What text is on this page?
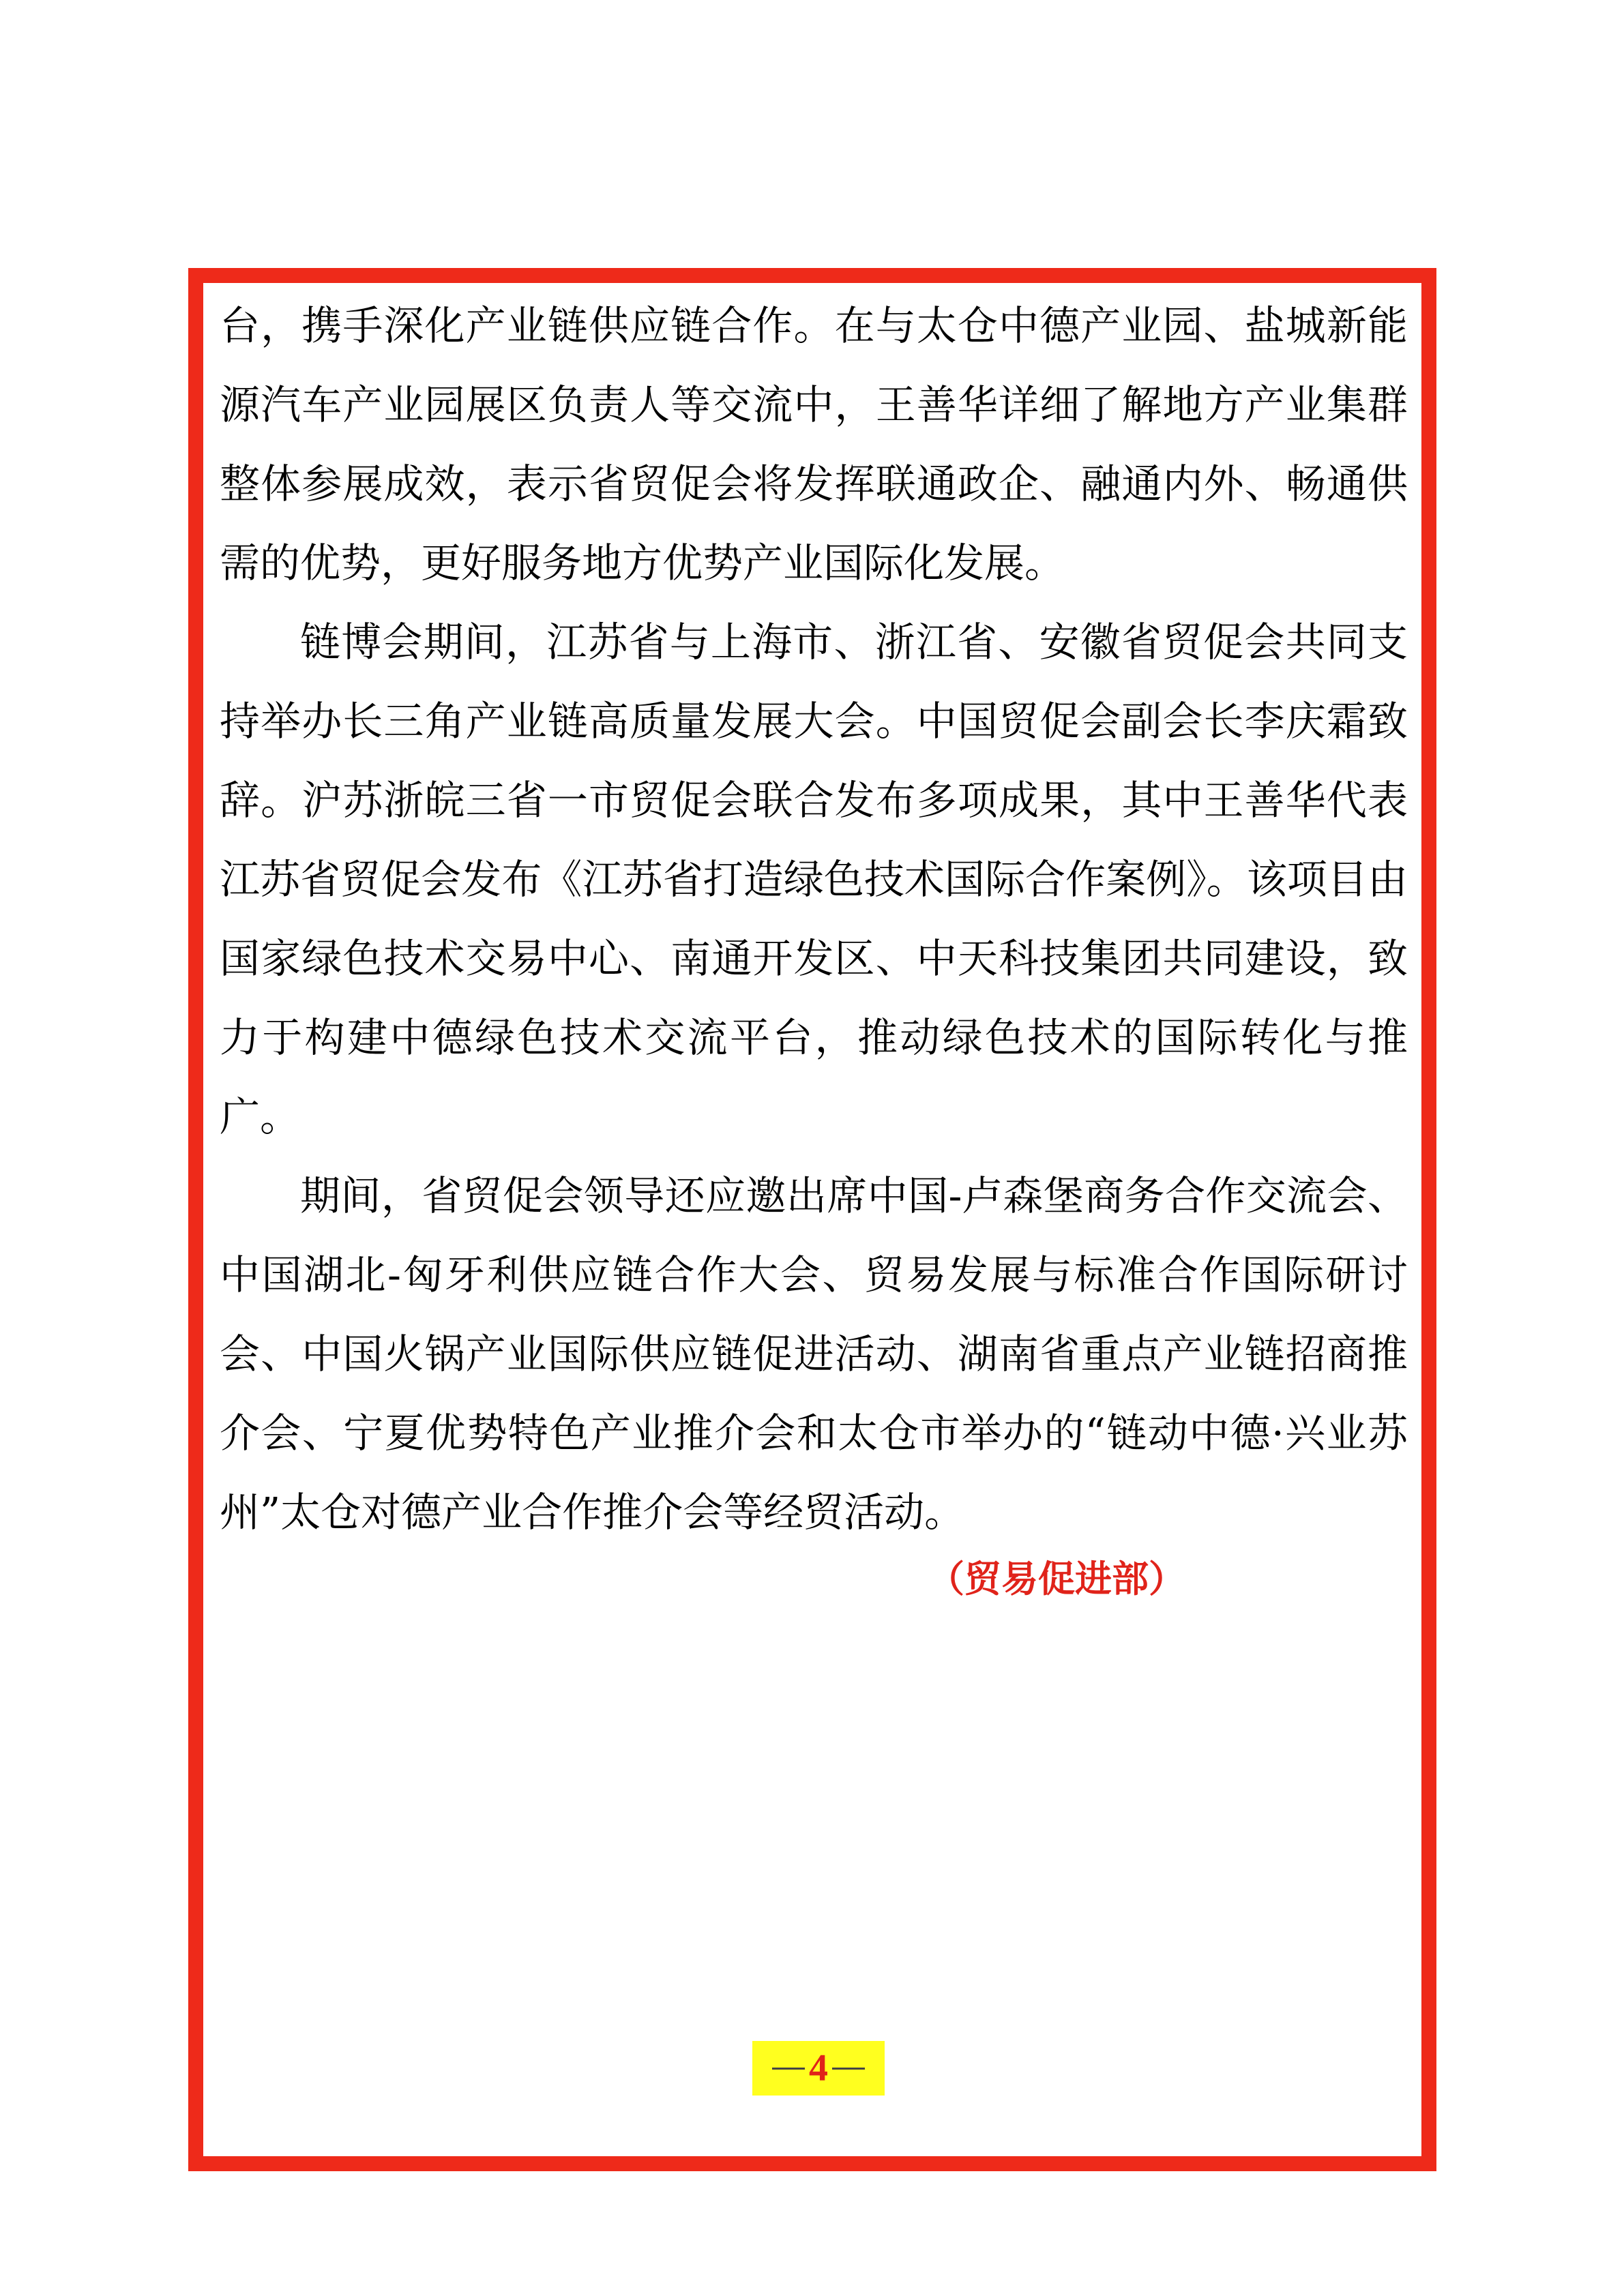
台，携手深化产业链供应链合作。在与太仓中德产业园、盐城新能源汽车产业园展区负责人等交流中，王善华详细了解地方产业集群整体参展成效，表示省贸促会将发挥联通政企、融通内外、畅通供需的优势，更好服务地方优势产业国际化发展。

链博会期间，江苏省与上海市、浙江省、安徽省贸促会共同支持举办长三角产业链高质量发展大会。中国贸促会副会长李庆霜致辞。沪苏浙皖三省一市贸促会联合发布多项成果，其中王善华代表江苏省贸促会发布《江苏省打造绿色技术国际合作案例》。该项目由国家绿色技术交易中心、南通开发区、中天科技集团共同建设，致力于构建中德绿色技术交流平台，推动绿色技术的国际转化与推广。

期间，省贸促会领导还应邀出席中国-卢森堡商务合作交流会、中国湖北-匈牙利供应链合作大会、贸易发展与标准合作国际研讨会、中国火锅产业国际供应链促进活动、湖南省重点产业链招商推介会、宁夏优势特色产业推介会和太仓市举办的“链动中德·兴业苏州”太仓对德产业合作推介会等经贸活动。

（贸易促进部）
4
